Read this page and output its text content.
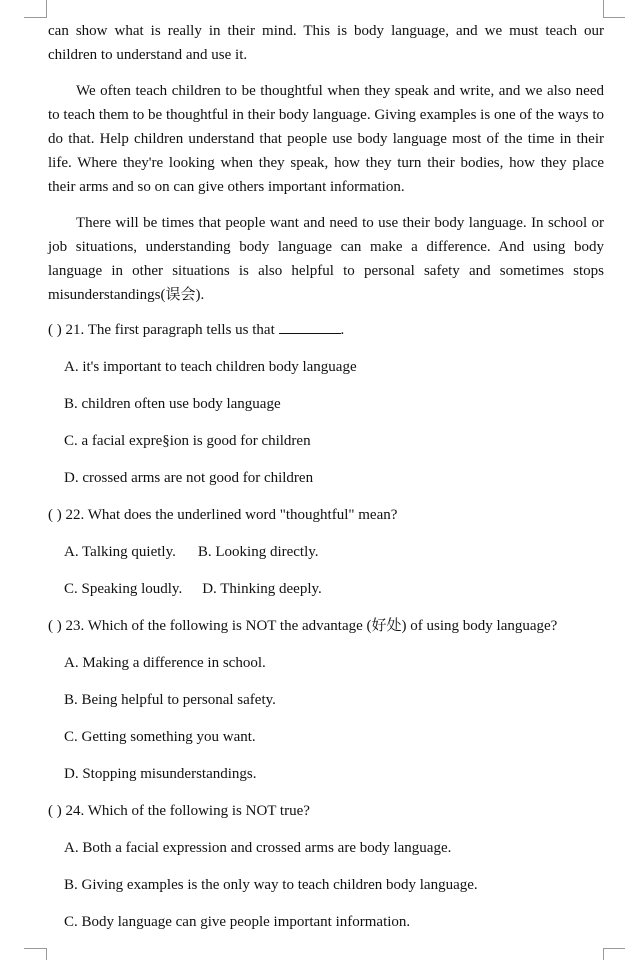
can show what is really in their mind. This is body language, and we must teach our children to understand and use it.

We often teach children to be thoughtful when they speak and write, and we also need to teach them to be thoughtful in their body language. Giving examples is one of the ways to do that. Help children understand that people use body language most of the time in their life. Where they're looking when they speak, how they turn their bodies, how they place their arms and so on can give others important information.

There will be times that people want and need to use their body language. In school or job situations, understanding body language can make a difference. And using body language in other situations is also helpful to personal safety and sometimes stops misunderstandings(误会).

( ) 21. The first paragraph tells us that	.

A. it's important to teach children body language

B. children often use body language

C. a facial expre§ion is good for children

D. crossed arms are not good for children

( ) 22. What does the underlined word "thoughtful" mean?

A. Talking quietly. B. Looking directly.

C. Speaking loudly. D. Thinking deeply.

( ) 23. Which of the following is NOT the advantage (好处) of using body language?

A. Making a difference in school.

B. Being helpful to personal safety.

C. Getting something you want.

D. Stopping misunderstandings.

( ) 24. Which of the following is NOT true?

A. Both a facial expression and crossed arms are body language.

B. Giving examples is the only way to teach children body language.

C. Body language can give people important information.
